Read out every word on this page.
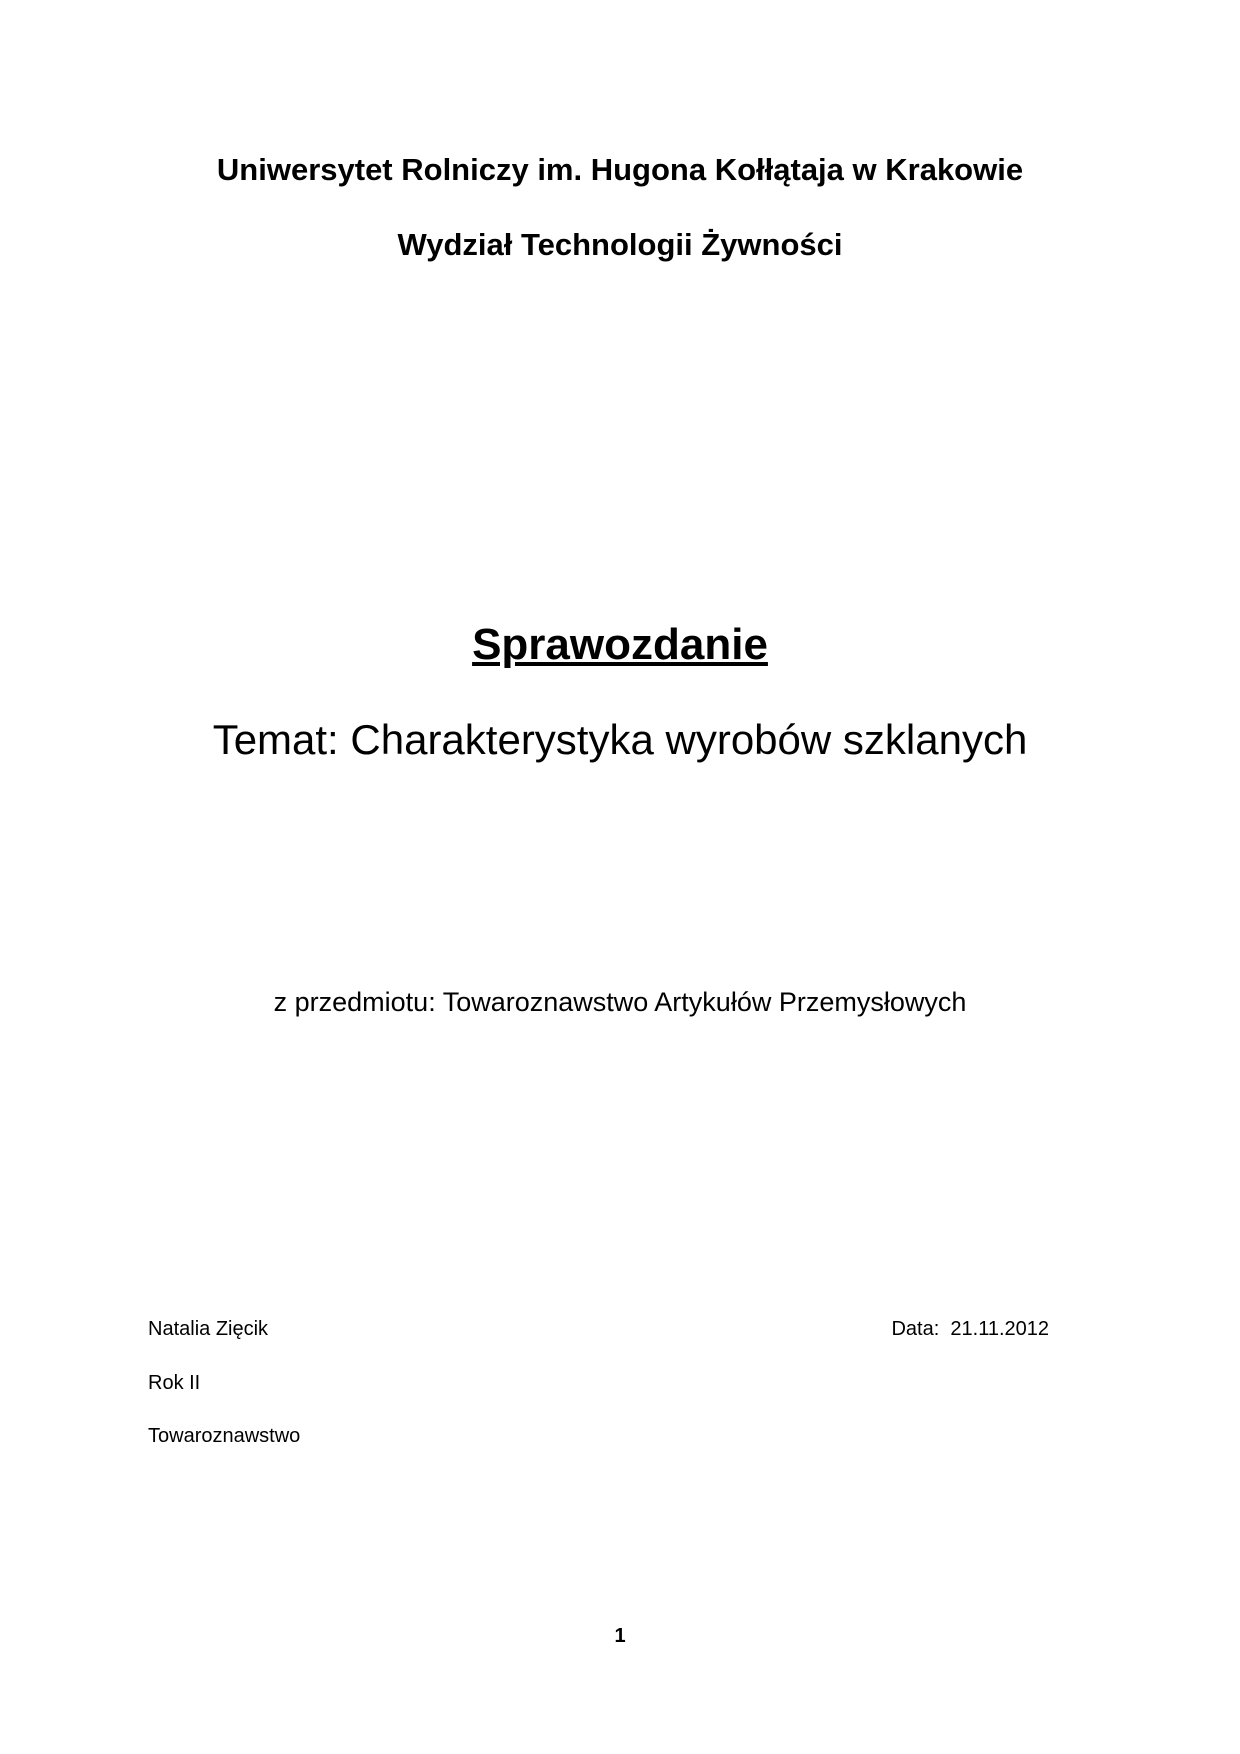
Uniwersytet Rolniczy im. Hugona Kołłątaja w Krakowie
Wydział Technologii Żywności
Sprawozdanie
Temat: Charakterystyka wyrobów szklanych
z przedmiotu: Towaroznawstwo Artykułów Przemysłowych
Natalia Zięcik
Rok II
Towaroznawstwo
Data:  21.11.2012
1
